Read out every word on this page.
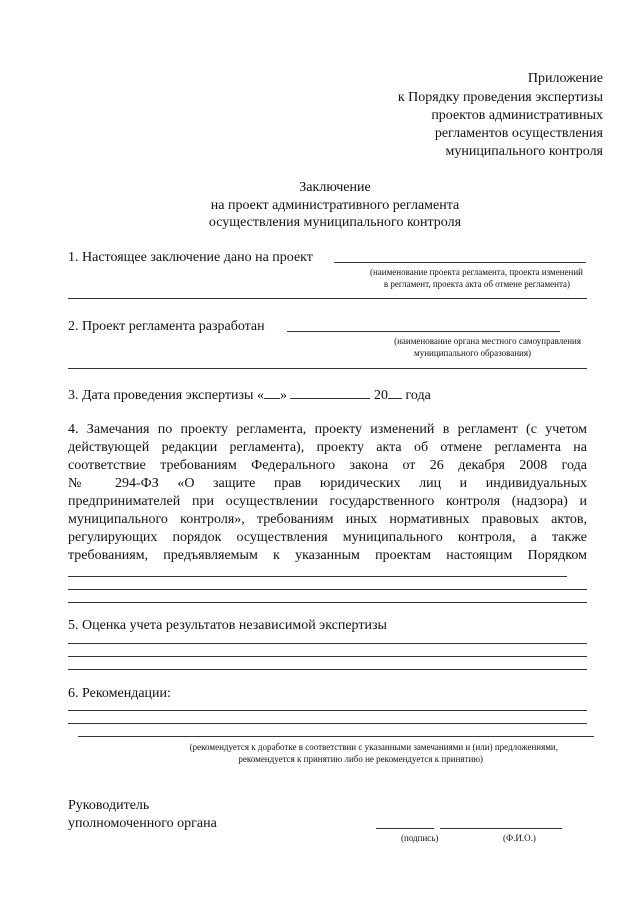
Приложение
к Порядку проведения экспертизы
проектов административных
регламентов осуществления
муниципального контроля
Заключение
на проект административного регламента
осуществления муниципального контроля
1. Настоящее заключение дано на проект
(наименование проекта регламента, проекта изменений
в регламент, проекта акта об отмене регламента)
2. Проект регламента разработан
(наименование органа местного самоуправления
муниципального образования)
3. Дата проведения экспертизы « »	20 года
4. Замечания по проекту регламента, проекту изменений в регламент (с учетом
действующей редакции регламента), проекту акта об отмене регламента на
соответствие требованиям Федерального закона от 26 декабря 2008 года
№ 294-ФЗ «О защите прав юридических лиц и индивидуальных
предпринимателей при осуществлении государственного контроля (надзора) и
муниципального контроля», требованиям иных нормативных правовых актов,
регулирующих порядок осуществления муниципального контроля, а также
требованиям, предъявляемым к указанным проектам настоящим Порядком
5. Оценка учета результатов независимой экспертизы
6. Рекомендации:
(рекомендуется к доработке в соответствии с указанными замечаниями и (или) предложениями,
рекомендуется к принятию либо не рекомендуется к принятию)
Руководитель
уполномоченного органа
(подпись)	(Ф.И.О.)
